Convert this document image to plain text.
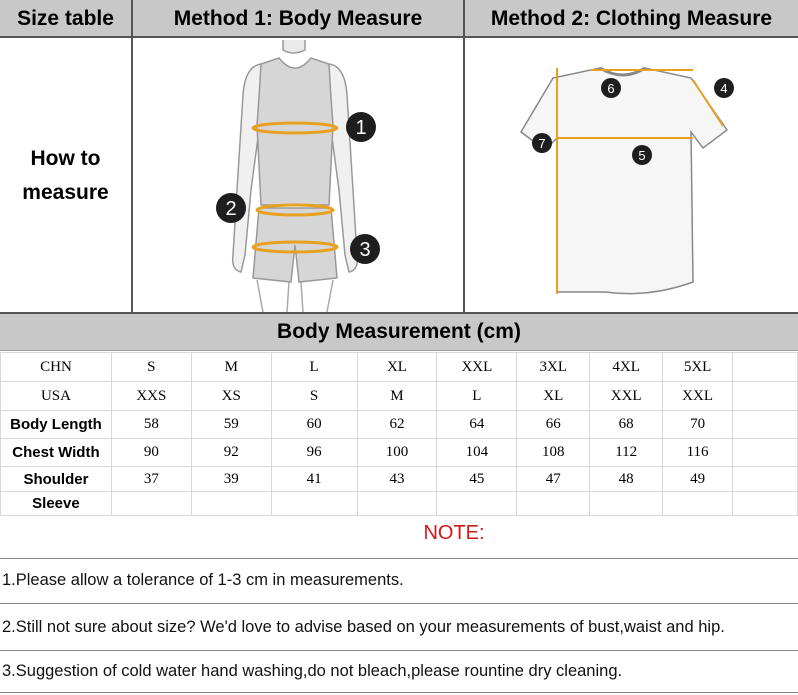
Size table	Method 1: Body Measure	Method 2: Clothing Measure
How to
measure
1
2
3
6	4
7
5
Body Measurement (cm)
CHN	S	M	L	XL	XXL	3XL	4XL	5XL	
USA	XXS	XS	S	M	L	XL	XXL	XXL	
Body Length	58	59	60	62	64	66	68	70	
Chest Width	90	92	96	100	104	108	112	116	
Shoulder	37	39	41	43	45	47	48	49	
Sleeve									
NOTE:
1.Please allow a tolerance of 1-3 cm in measurements.
2.Still not sure about size? We'd love to advise based on your measurements of bust,waist and hip.
3.Suggestion of cold water hand washing,do not bleach,please rountine dry cleaning.
